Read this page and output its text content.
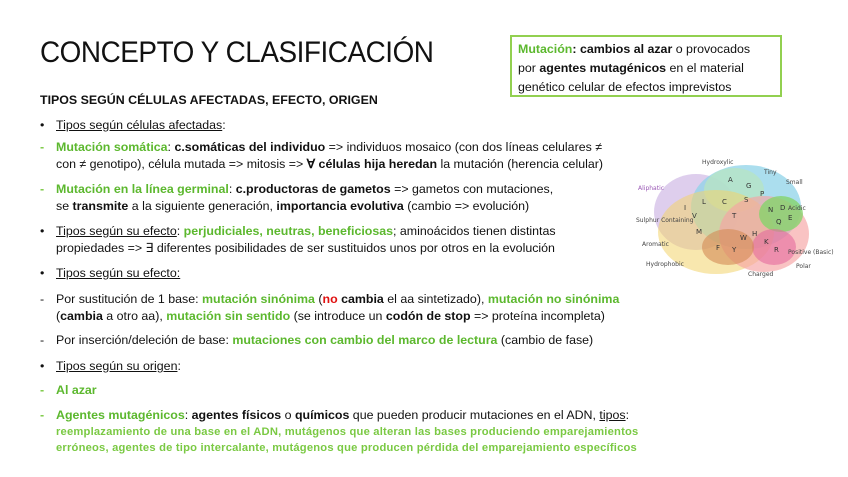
CONCEPTO Y CLASIFICACIÓN	Mutación: cambios al azar o provocados
por agentes mutagénicos en el material
genético celular de efectos imprevistos
TIPOS SEGÚN CÉLULAS AFECTADAS, EFECTO, ORIGEN
• Tipos según células afectadas:
- Mutación somática: c.somáticas del individuo => individuos mosaico (con dos líneas celulares ≠
con ≠ genotipo), célula mutada => mitosis => ∀ células hija heredan la mutación (herencia celular)
- Mutación en la línea germinal: c.productoras de gametos => gametos con mutaciones,
se transmite a la siguiente generación, importancia evolutiva (cambio => evolución)
• Tipos según su efecto: perjudiciales, neutras, beneficiosas; aminoácidos tienen distintas
propiedades => ∃ diferentes posibilidades de ser sustituidos unos por otros en la evolución
• Tipos según su efecto:
- Por sustitución de 1 base: mutación sinónima (no cambia el aa sintetizado), mutación no sinónima
(cambia a otro aa), mutación sin sentido (se introduce un codón de stop => proteína incompleta)
- Por inserción/deleción de base: mutaciones con cambio del marco de lectura (cambio de fase)
• Tipos según su origen:
- Al azar
- Agentes mutagénicos: agentes físicos o químicos que pueden producir mutaciones en el ADN, tipos:
reemplazamiento de una base en el ADN, mutágenos que alteran las bases produciendo emparejamientos
erróneos, agentes de tipo intercalante, mutágenos que producen pérdida del emparejamiento específicos
Hydroxylic
Tiny
Small
Aliphatic
Acidic
Sulphur Containing
Aromatic
Positive (Basic)
Hydrophobic
Charged
Polar
I
V
L
A
G
S
C
T
P
N D
Q E
M	H
F Y
W K
R
